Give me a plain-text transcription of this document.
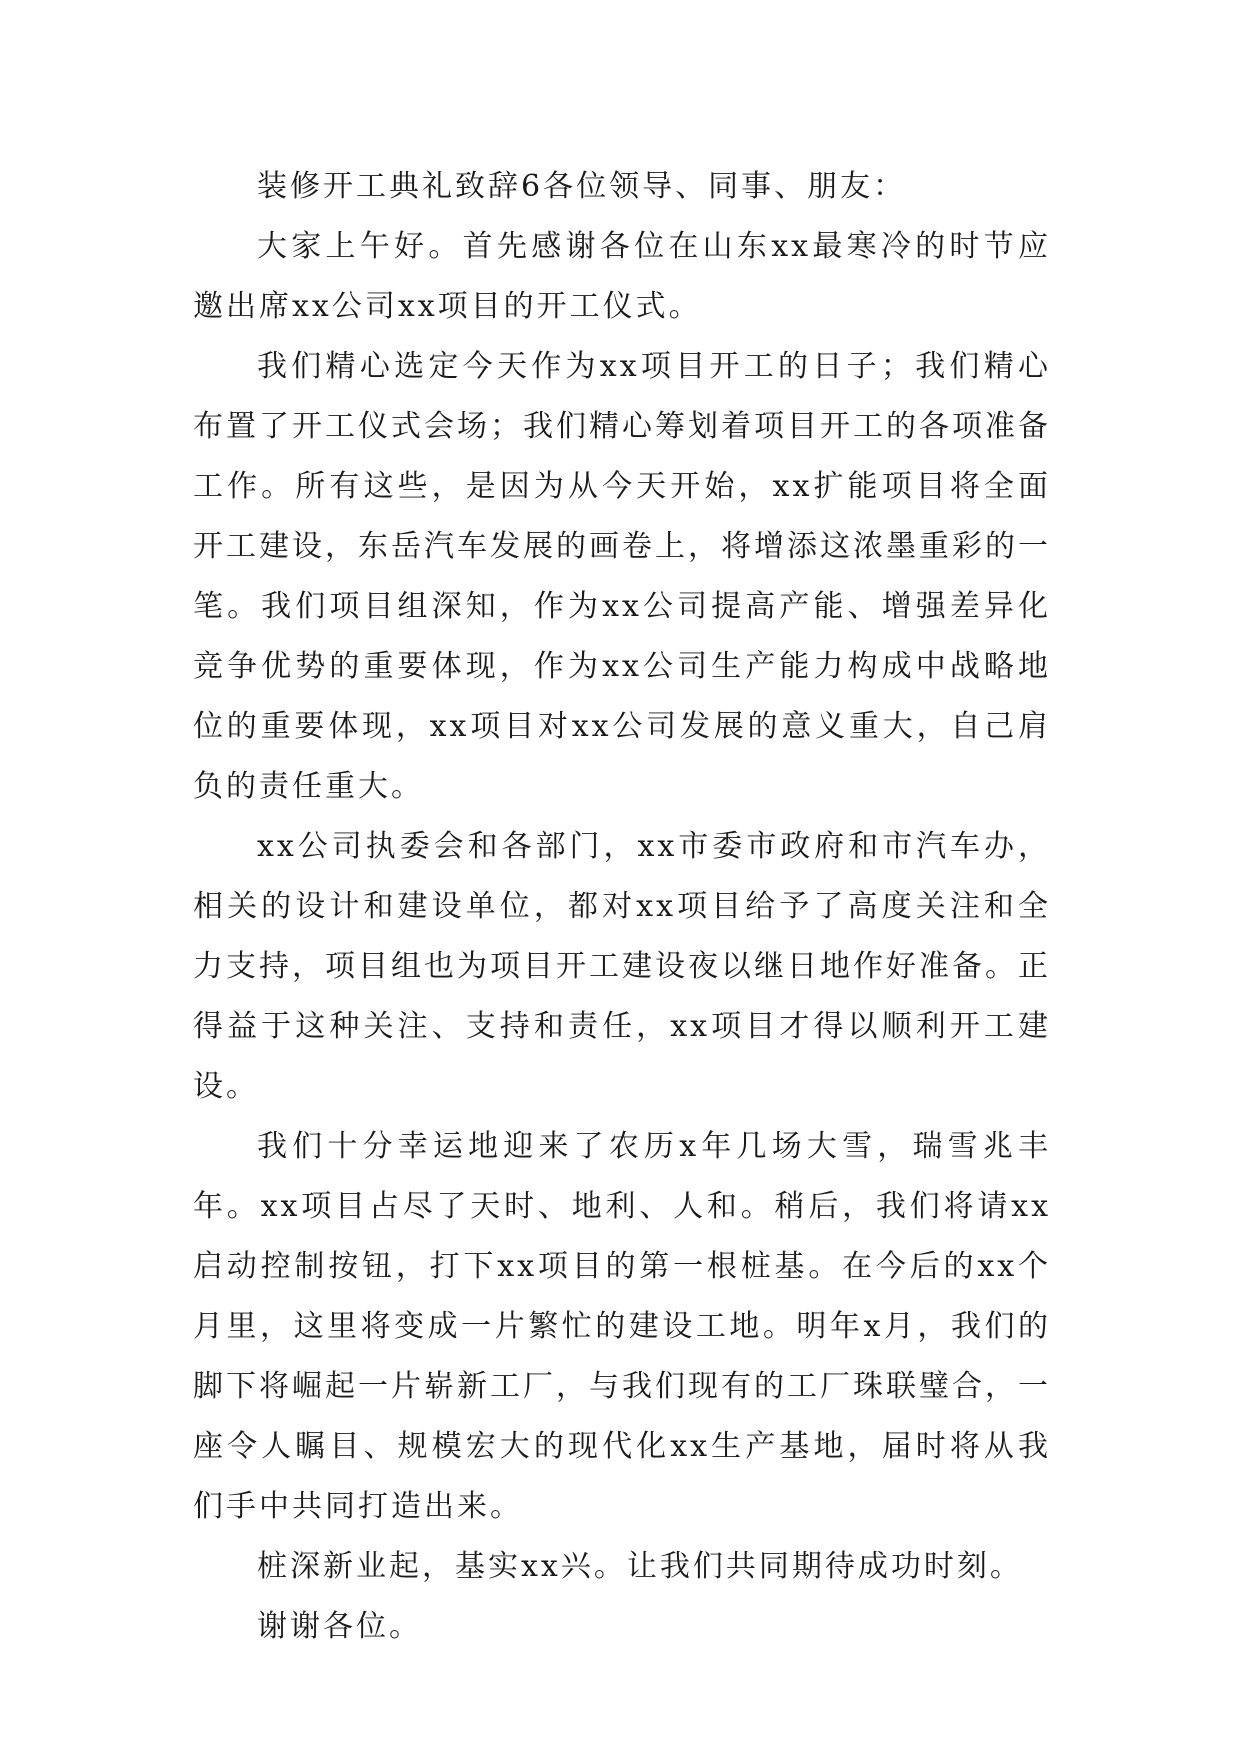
装修开工典礼致辞6各位领导、同事、朋友：

大家上午好。首先感谢各位在山东xx最寒冷的时节应邀出席xx公司xx项目的开工仪式。

我们精心选定今天作为xx项目开工的日子；我们精心布置了开工仪式会场；我们精心筹划着项目开工的各项准备工作。所有这些，是因为从今天开始，xx扩能项目将全面开工建设，东岳汽车发展的画卷上，将增添这浓墨重彩的一笔。我们项目组深知，作为xx公司提高产能、增强差异化竞争优势的重要体现，作为xx公司生产能力构成中战略地位的重要体现，xx项目对xx公司发展的意义重大，自己肩负的责任重大。

xx公司执委会和各部门，xx市委市政府和市汽车办，相关的设计和建设单位，都对xx项目给予了高度关注和全力支持，项目组也为项目开工建设夜以继日地作好准备。正得益于这种关注、支持和责任，xx项目才得以顺利开工建设。

我们十分幸运地迎来了农历x年几场大雪，瑞雪兆丰年。xx项目占尽了天时、地利、人和。稍后，我们将请xx启动控制按钮，打下xx项目的第一根桩基。在今后的xx个月里，这里将变成一片繁忙的建设工地。明年x月，我们的脚下将崛起一片崭新工厂，与我们现有的工厂珠联璧合，一座令人瞩目、规模宏大的现代化xx生产基地，届时将从我们手中共同打造出来。

桩深新业起，基实xx兴。让我们共同期待成功时刻。

谢谢各位。
